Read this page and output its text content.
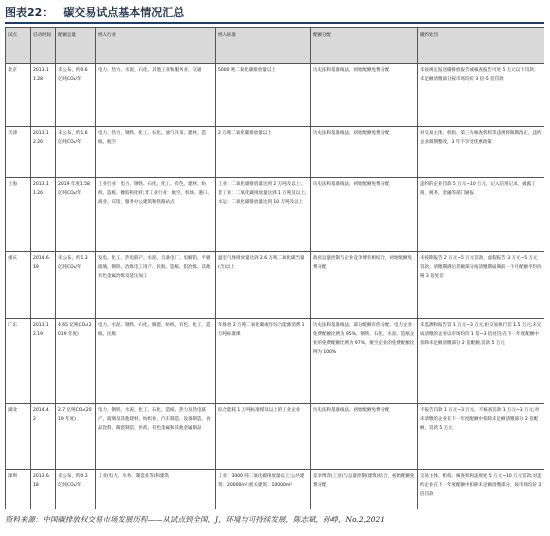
图表22： 碳交易试点基本情况汇总
试点	启动时间	配额总量	纳入行业	纳入标准	配额分配	履约处罚
北京	2013.11.28	未公布，约0.6 亿吨CO₂/年	电力、热力、水泥、石化、其他工业和服务业、交通	5000 吨二氧化碳排放量以上	历史法和基准线法，初始配额免费分配	未按规定报送碳排放报告或核查报告可处 5 万元以下罚款；未足额清缴部分按市场均价 3 倍-5 倍罚款
天津	2013.12.26	未公布，约1.6 亿吨CO₂/年	电力、热力、钢铁、化工、石化、油气开采、建材、造纸、航空	2 万吨二氧化碳排放量以上	历史法和基准线法，初始配额免费分配	对交易主体、机构、第三方核查机构等违规将限期改正，违约企业限期整改，3 年不享受优惠政策
上海	2013.11.26	2019 年度1.58 亿吨CO₂/年	工业行业：电力、钢铁、石化、化工、有色、建材、纺织、造纸、橡胶和化纤;非工业行业：航空、机场、港口、商业、宾馆、服务办公建筑和铁路站点	工业：二氧化碳排放量达到 2 万吨及以上；非工业：二氧化碳排放量达到 1 万吨及以上;水运：二氧化碳排放量达到 10 万吨及以上	历史法和基准线法，初始配额免费分配	违约的企业罚款 5 万元~10 万元，记入信用记录，披露工商、税务、金融等部门通报
重庆	2014.6.19	未公布，约1.3 亿吨CO₂/年	发电、化工、热电联产、水泥、自备电厂、电解铝、平板玻璃、钢铁、冶炼电工用产、民航、造纸、铝冶炼、其他有色金属冶炼及延压加工	温室气体排放量达到 2.6 万吨二氧化碳当量(含)以上	政府总量控制与企业竞争博弈相结合，初始配额免费分配	未按期报告 2 万元~5 万元罚款，虚假报告 3 万元~5 万元罚款；清缴期满后差额部分按清缴期届满前一个月配额平均价格 3 倍处罚
广东	2013.12.19	4.65 亿吨CO₂(2019 年度)	电力、水泥、钢铁、石化、陶瓷、纺织、有色、化工、造纸、民航	年排放 2 万吨二氧化碳或年综合能源消费 1 万吨标准煤	历史法和基准线法，部分配额有偿分配；电力企业免费配额比例为 95%，钢铁、石化、水泥、造纸企业的免费配额比例为 97%，航空企业的免费配额比例为 100%	未监测和报告罚 1 万元~3 万元;拒交易执行罚 1.5 万元;未完成清缴的企业以市场均价 1 倍~3 倍处罚;在下一年度配额中扣除未足额清缴部分 2 倍配额,罚款 5 万元
湖北	2014.4.2	2.7 亿吨CO₂(2019 年度)	电力、钢铁、水泥、化工、石化、造纸、热力及热电联产、玻璃及其他建材、纺织业、汽车制造、设备制造、食品饮料、陶瓷制造、医药、有色金属和其他金属制品	综合能耗 1 万吨标准煤及以上的工业企业	历史法和基准线法，初始配额免费分配	不报告罚款 1 万元~3 万元，不核查罚款 1 万元~3 万元;对未清缴的企业在下一年度配额中扣除未足额清缴部分 2 倍配额，罚款 5 万元
深圳	2013.6.18	未公布，约0.3 亿吨CO₂/年	工业(电力、水务、制造业等)和建筑	工业：3000 吨二氧化碳排放量以上;公共建筑：20000m²;机关建筑：10000m²	竞争博弈(工业)与总量控制(建筑)结合，初始配额免费分配	交易主体、机构、核查机构违规处 5 万元~10 万元罚款;对违约企业在下一年度配额中扣除未足额清缴部分，按市场均价 3 倍罚款
资料来源：中国碳排放权交易市场发展历程——从试点到全国，J，环境与可持续发展，陈志斌，孙峥，No.2,2021
